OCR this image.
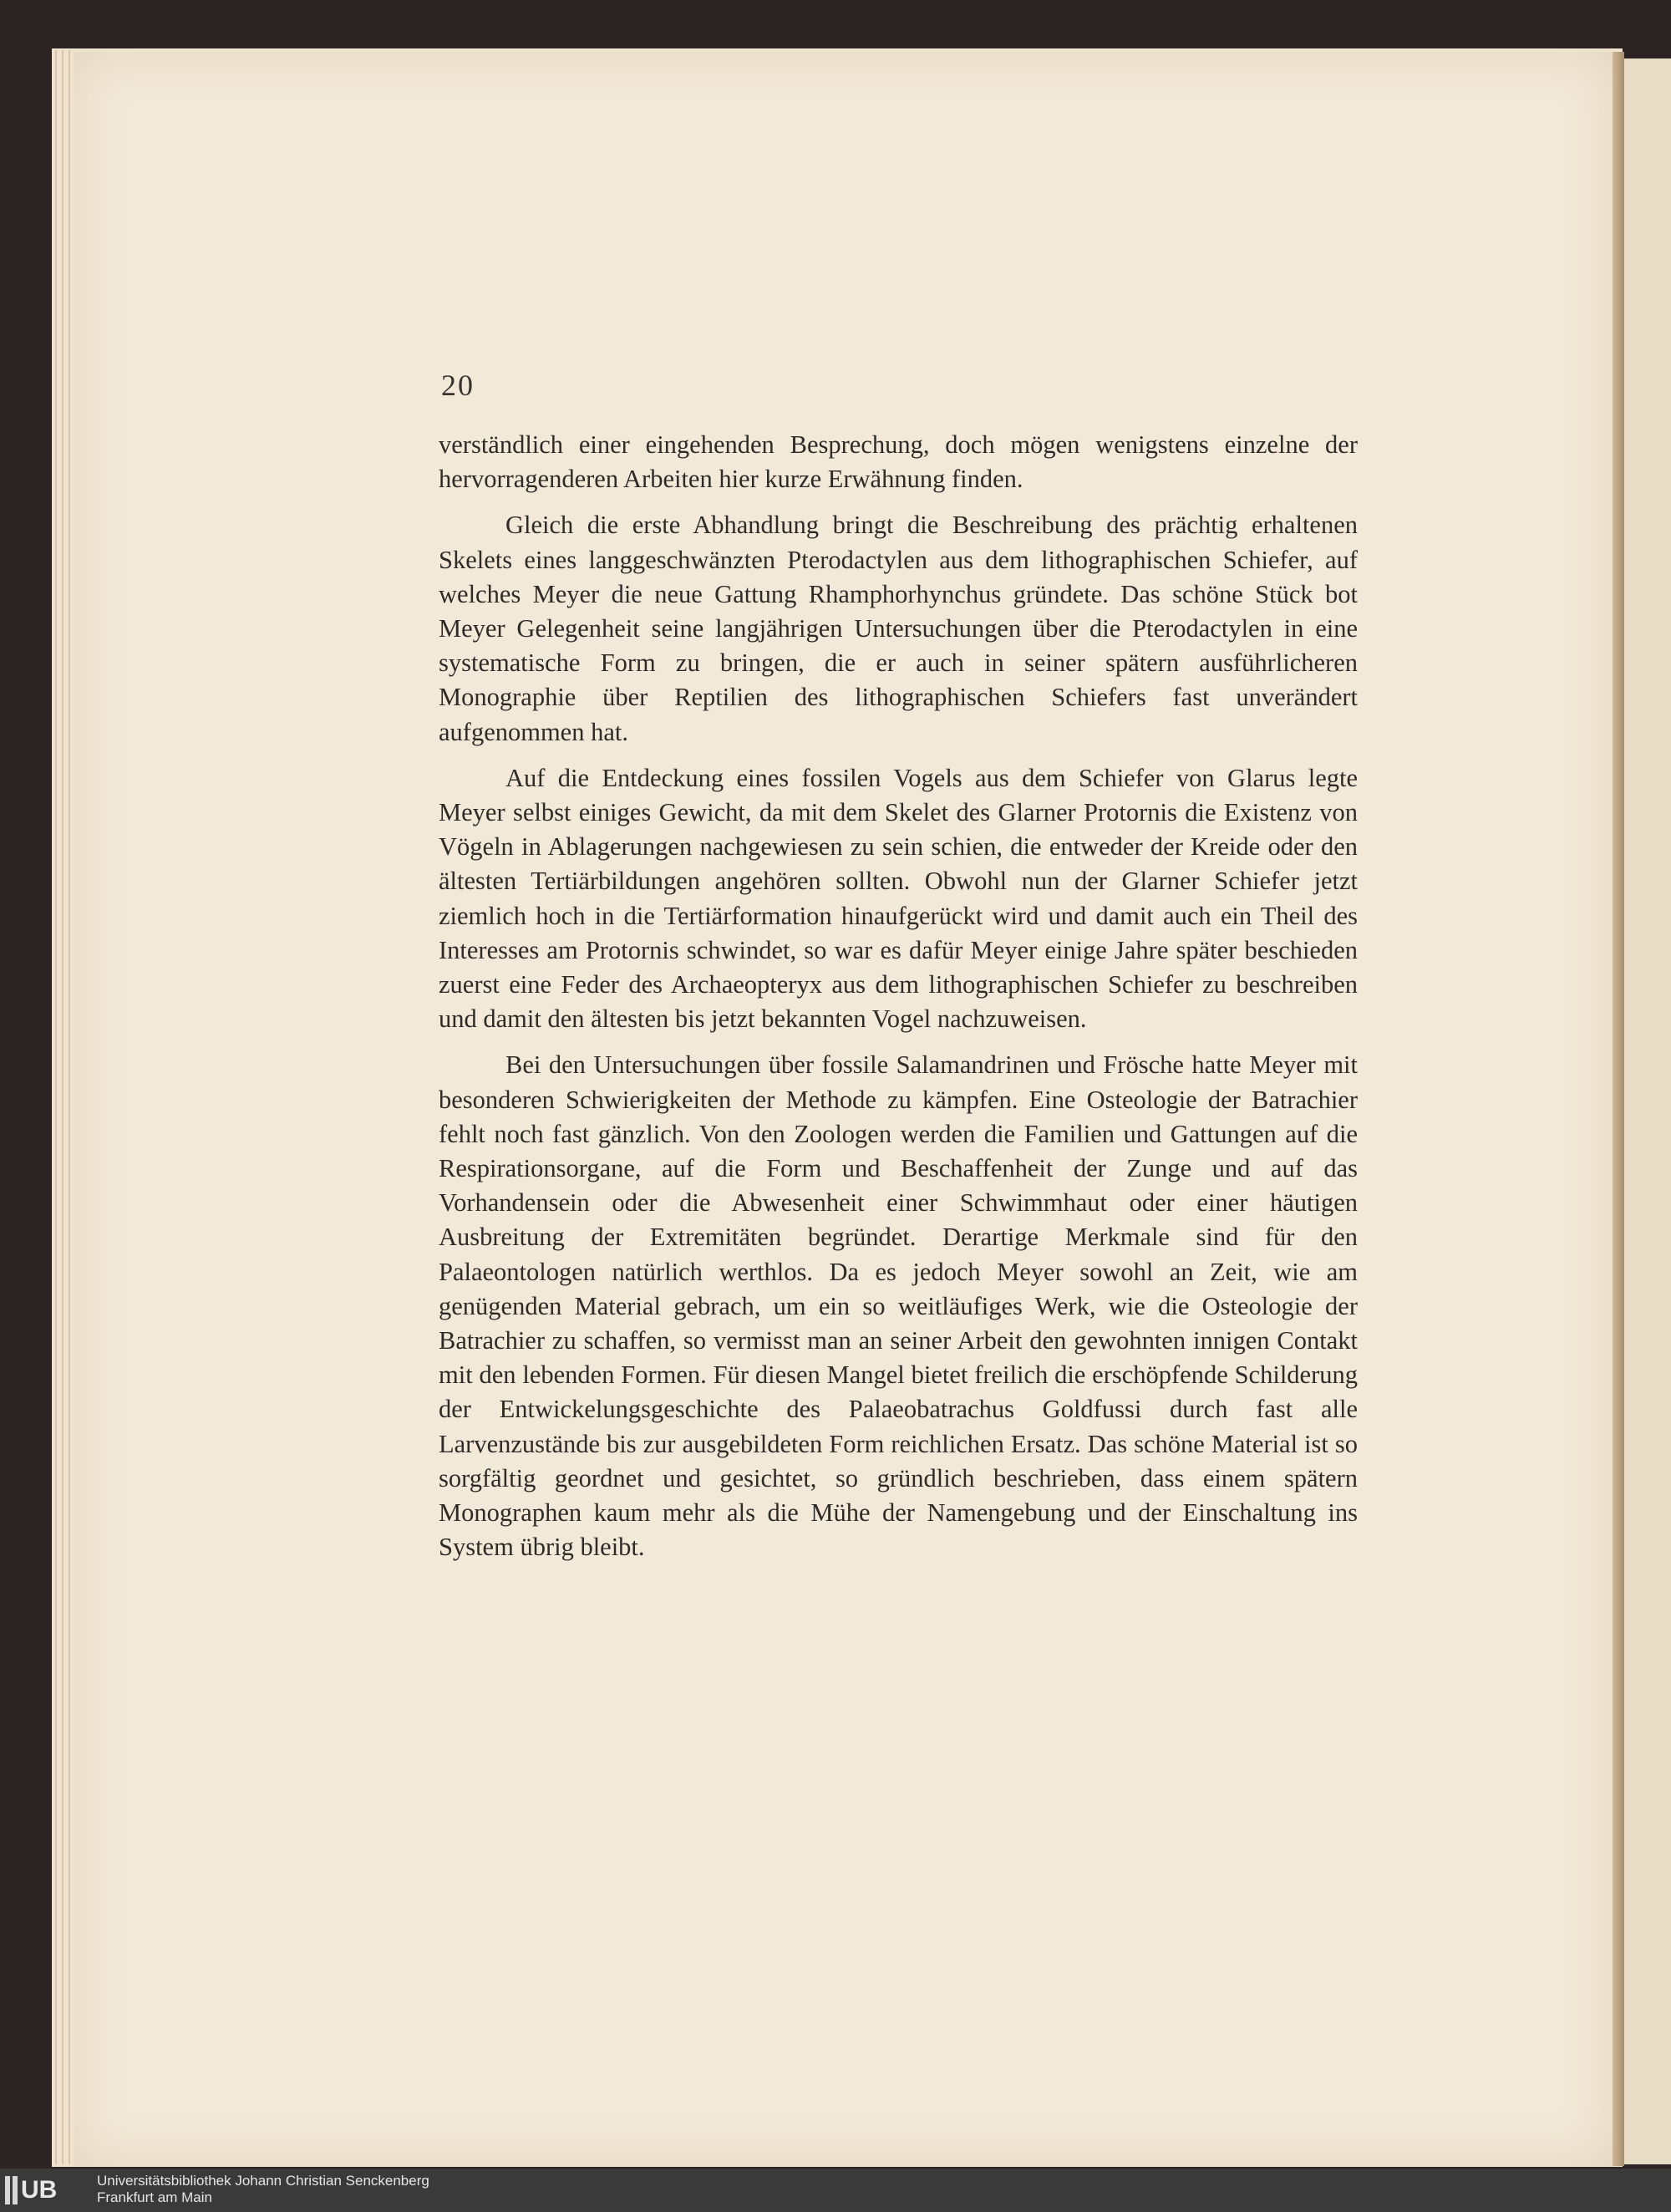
20

verständlich einer eingehenden Besprechung, doch mögen wenigstens einzelne der hervorragenderen Arbeiten hier kurze Erwähnung finden.

Gleich die erste Abhandlung bringt die Beschreibung des prächtig erhaltenen Skelets eines langgeschwänzten Pterodactylen aus dem lithographischen Schiefer, auf welches Meyer die neue Gattung Rhamphorhynchus gründete. Das schöne Stück bot Meyer Gelegenheit seine langjährigen Untersuchungen über die Pterodactylen in eine systematische Form zu bringen, die er auch in seiner spätern ausführlicheren Monographie über Reptilien des lithographischen Schiefers fast unverändert aufgenommen hat.

Auf die Entdeckung eines fossilen Vogels aus dem Schiefer von Glarus legte Meyer selbst einiges Gewicht, da mit dem Skelet des Glarner Protornis die Existenz von Vögeln in Ablagerungen nachgewiesen zu sein schien, die entweder der Kreide oder den ältesten Tertiärbildungen angehören sollten. Obwohl nun der Glarner Schiefer jetzt ziemlich hoch in die Tertiärformation hinaufgerückt wird und damit auch ein Theil des Interesses am Protornis schwindet, so war es dafür Meyer einige Jahre später beschieden zuerst eine Feder des Archaeopteryx aus dem lithographischen Schiefer zu beschreiben und damit den ältesten bis jetzt bekannten Vogel nachzuweisen.

Bei den Untersuchungen über fossile Salamandrinen und Frösche hatte Meyer mit besonderen Schwierigkeiten der Methode zu kämpfen. Eine Osteologie der Batrachier fehlt noch fast gänzlich. Von den Zoologen werden die Familien und Gattungen auf die Respirationsorgane, auf die Form und Beschaffenheit der Zunge und auf das Vorhandensein oder die Abwesenheit einer Schwimmhaut oder einer häutigen Ausbreitung der Extremitäten begründet. Derartige Merkmale sind für den Palaeontologen natürlich werthlos. Da es jedoch Meyer sowohl an Zeit, wie am genügenden Material gebrach, um ein so weitläufiges Werk, wie die Osteologie der Batrachier zu schaffen, so vermisst man an seiner Arbeit den gewohnten innigen Contakt mit den lebenden Formen. Für diesen Mangel bietet freilich die erschöpfende Schilderung der Entwickelungsgeschichte des Palaeobatrachus Goldfussi durch fast alle Larvenzustände bis zur ausgebildeten Form reichlichen Ersatz. Das schöne Material ist so sorgfältig geordnet und gesichtet, so gründlich beschrieben, dass einem spätern Monographen kaum mehr als die Mühe der Namengebung und der Einschaltung ins System übrig bleibt.

UB	Universitätsbibliothek Johann Christian Senckenberg
Frankfurt am Main
